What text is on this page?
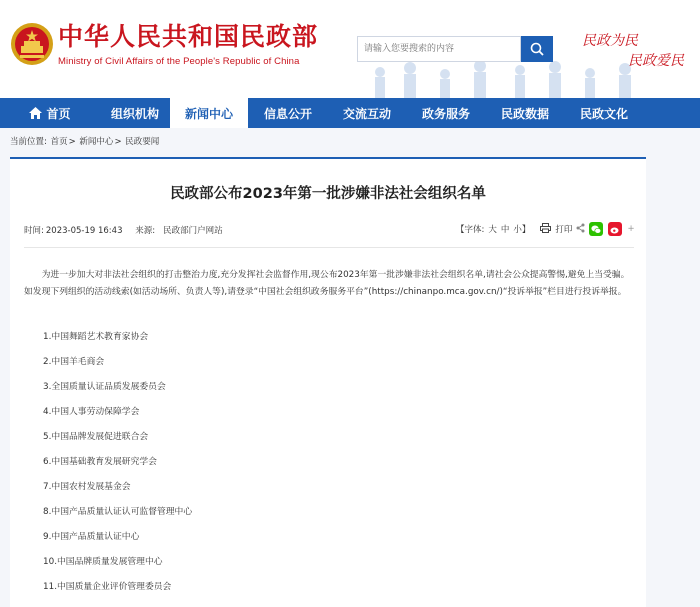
中华人民共和国民政部
Ministry of Civil Affairs of the People's Republic of China
请输入您要搜索的内容
民政为民
民政爱民
首页	组织机构 新闻中心	信息公开	交流互动	政务服务	民政数据	民政文化
当前位置: 首页> 新闻中心> 民政要闻
民政部公布2023年第一批涉嫌非法社会组织名单
时间: 2023-05-19 16:43 来源: 民政部门户网站	【字体: 大 中 小】	打印	+
为进一步加大对非法社会组织的打击整治力度,充分发挥社会监督作用,现公布2023年第一批涉嫌非法社会组织名单,请社会公众提高警惕,避免上当受骗。如发现下列组织的活动线索(如活动场所、负责人等),请登录“中国社会组织政务服务平台”(https://chinanpo.mca.gov.cn/)“投诉举报”栏目进行投诉举报。
1.中国舞蹈艺术教育家协会
2.中国羊毛商会
3.全国质量认证品质发展委员会
4.中国人事劳动保障学会
5.中国品牌发展促进联合会
6.中国基础教育发展研究学会
7.中国农村发展基金会
8.中国产品质量认证认可监督管理中心
9.中国产品质量认证中心
10.中国品牌质量发展管理中心
11.中国质量企业评价管理委员会
